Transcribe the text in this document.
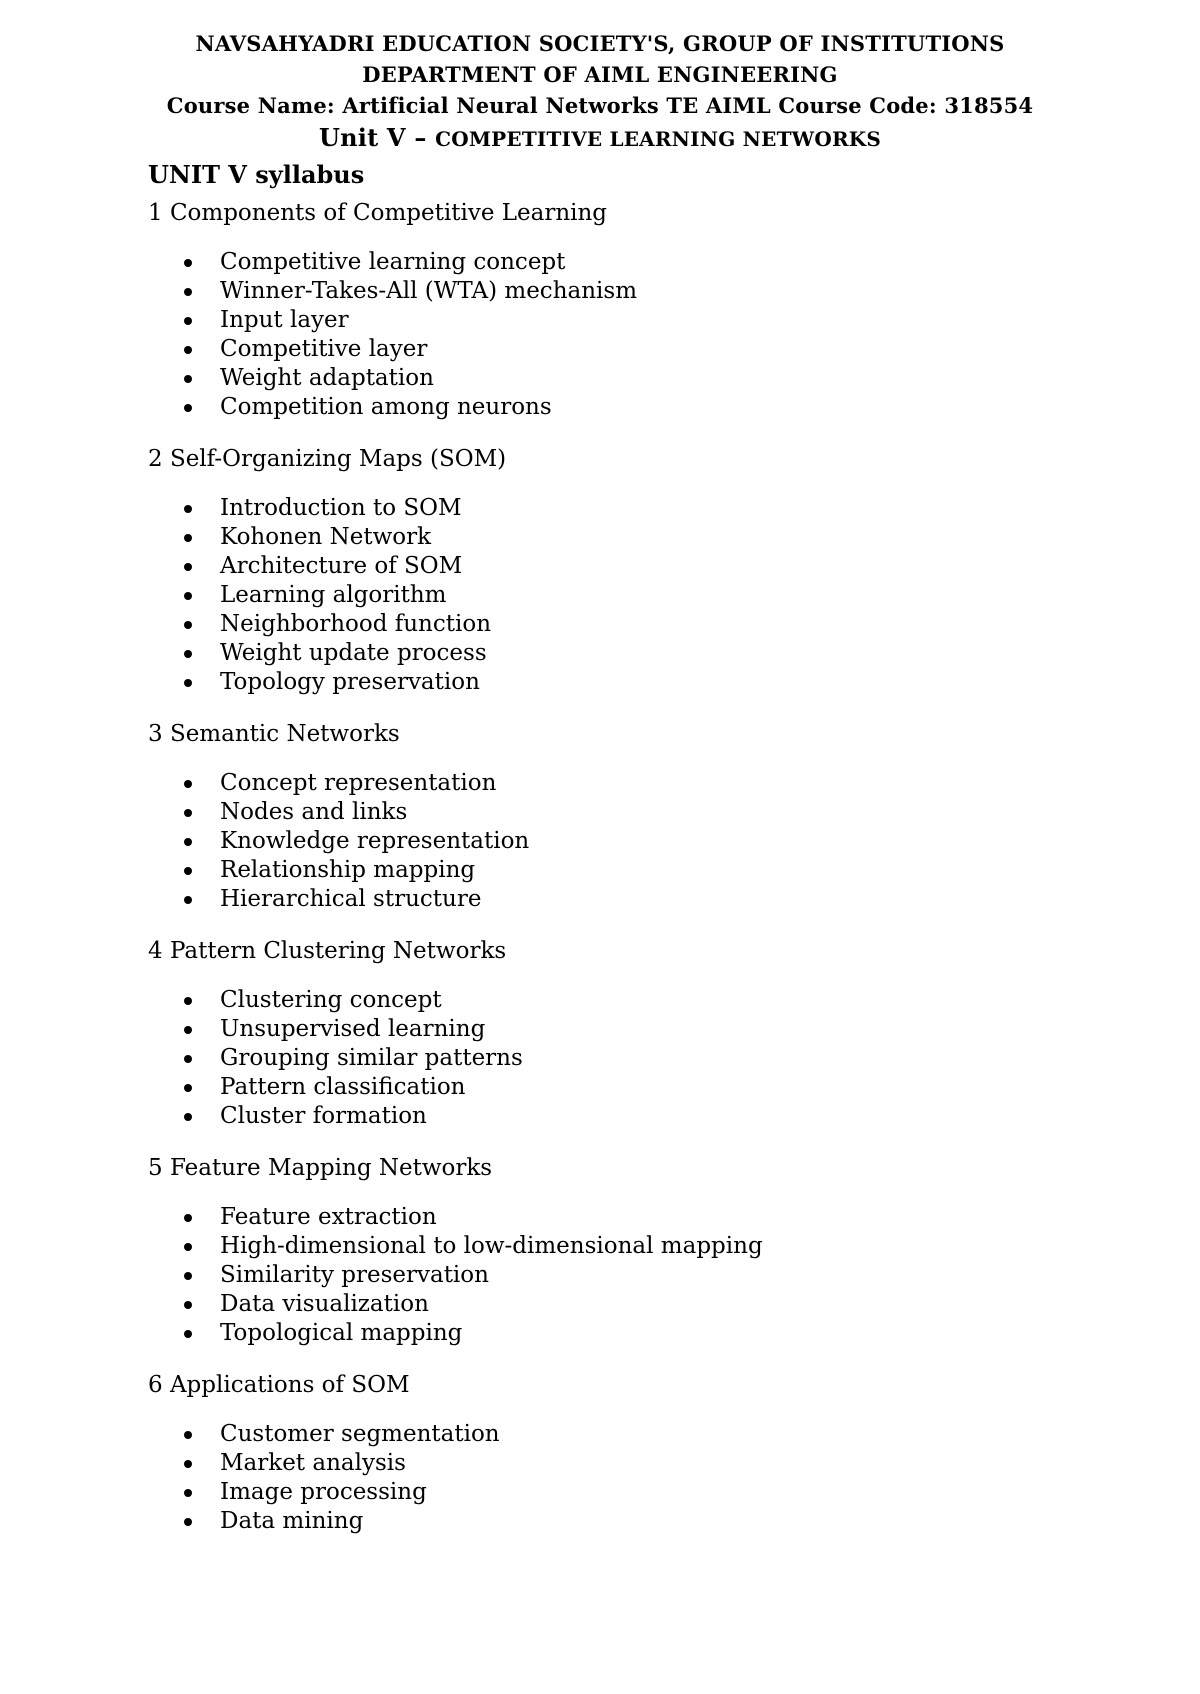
NAVSAHYADRI EDUCATION SOCIETY'S, GROUP OF INSTITUTIONS
DEPARTMENT OF AIML ENGINEERING
Course Name: Artificial Neural Networks TE AIML Course Code: 318554
Unit V – COMPETITIVE LEARNING NETWORKS
UNIT V syllabus
1 Components of Competitive Learning
Competitive learning concept
Winner-Takes-All (WTA) mechanism
Input layer
Competitive layer
Weight adaptation
Competition among neurons
2 Self-Organizing Maps (SOM)
Introduction to SOM
Kohonen Network
Architecture of SOM
Learning algorithm
Neighborhood function
Weight update process
Topology preservation
3 Semantic Networks
Concept representation
Nodes and links
Knowledge representation
Relationship mapping
Hierarchical structure
4 Pattern Clustering Networks
Clustering concept
Unsupervised learning
Grouping similar patterns
Pattern classification
Cluster formation
5 Feature Mapping Networks
Feature extraction
High-dimensional to low-dimensional mapping
Similarity preservation
Data visualization
Topological mapping
6 Applications of SOM
Customer segmentation
Market analysis
Image processing
Data mining
